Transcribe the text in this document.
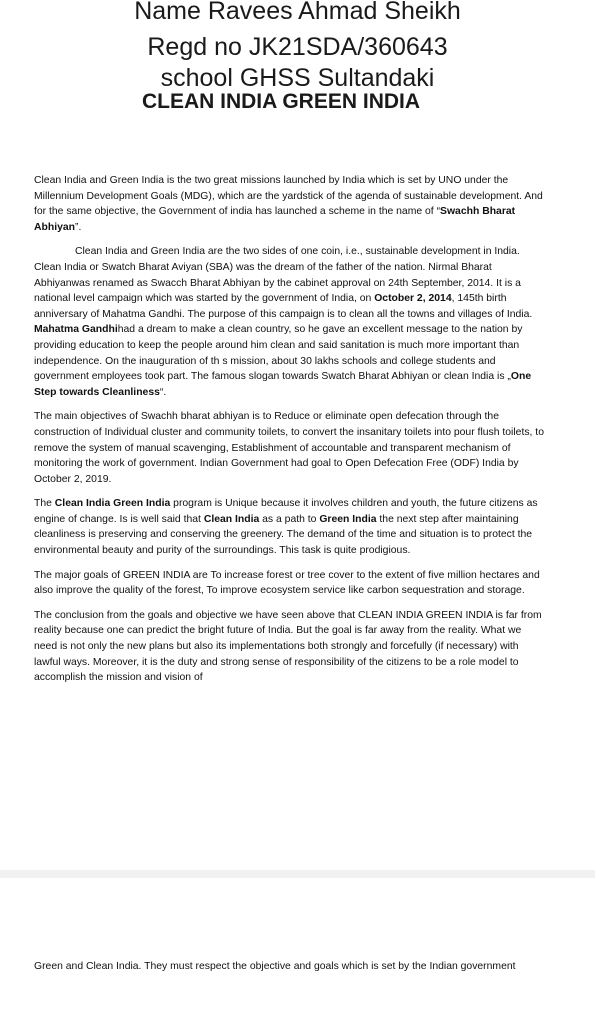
Name Ravees Ahmad Sheikh
Regd no JK21SDA/360643
school GHSS Sultandaki
CLEAN INDIA GREEN INDIA

Clean India and Green India is the two great missions launched by India which is set by UNO under the Millennium Development Goals (MDG), which are the yardstick of the agenda of sustainable development. And for the same objective, the Government of india has launched a scheme in the name of “Swachh Bharat Abhiyan”.

Clean India and Green India are the two sides of one coin, i.e., sustainable development in India. Clean India or Swatch Bharat Aviyan (SBA) was the dream of the father of the nation. Nirmal Bharat Abhiyanwas renamed as Swacch Bharat Abhiyan by the cabinet approval on 24th September, 2014. It is a national level campaign which was started by the government of India, on October 2, 2014, 145th birth anniversary of Mahatma Gandhi. The purpose of this campaign is to clean all the towns and villages of India. Mahatma Gandhihad a dream to make a clean country, so he gave an excellent message to the nation by providing education to keep the people around him clean and said sanitation is much more important than independence. On the inauguration of th s mission, about 30 lakhs schools and college students and government employees took part. The famous slogan towards Swatch Bharat Abhiyan or clean India is „One Step towards Cleanliness“.

The main objectives of Swachh bharat abhiyan is to Reduce or eliminate open defecation through the construction of Individual cluster and community toilets, to convert the insanitary toilets into pour flush toilets, to remove the system of manual scavenging, Establishment of accountable and transparent mechanism of monitoring the work of government. Indian Government had goal to Open Defecation Free (ODF) India by October 2, 2019.

The Clean India Green India program is Unique because it involves children and youth, the future citizens as engine of change. Is is well said that Clean India as a path to Green India the next step after maintaining cleanliness is preserving and conserving the greenery. The demand of the time and situation is to protect the environmental beauty and purity of the surroundings. This task is quite prodigious.

The major goals of GREEN INDIA are To increase forest or tree cover to the extent of five million hectares and also improve the quality of the forest, To improve ecosystem service like carbon sequestration and storage.

The conclusion from the goals and objective we have seen above that CLEAN INDIA GREEN INDIA is far from reality because one can predict the bright future of India. But the goal is far away from the reality. What we need is not only the new plans but also its implementations both strongly and forcefully (if necessary) with lawful ways. Moreover, it is the duty and strong sense of responsibility of the citizens to be a role model to accomplish the mission and vision of

Green and Clean India. They must respect the objective and goals which is set by the Indian government
